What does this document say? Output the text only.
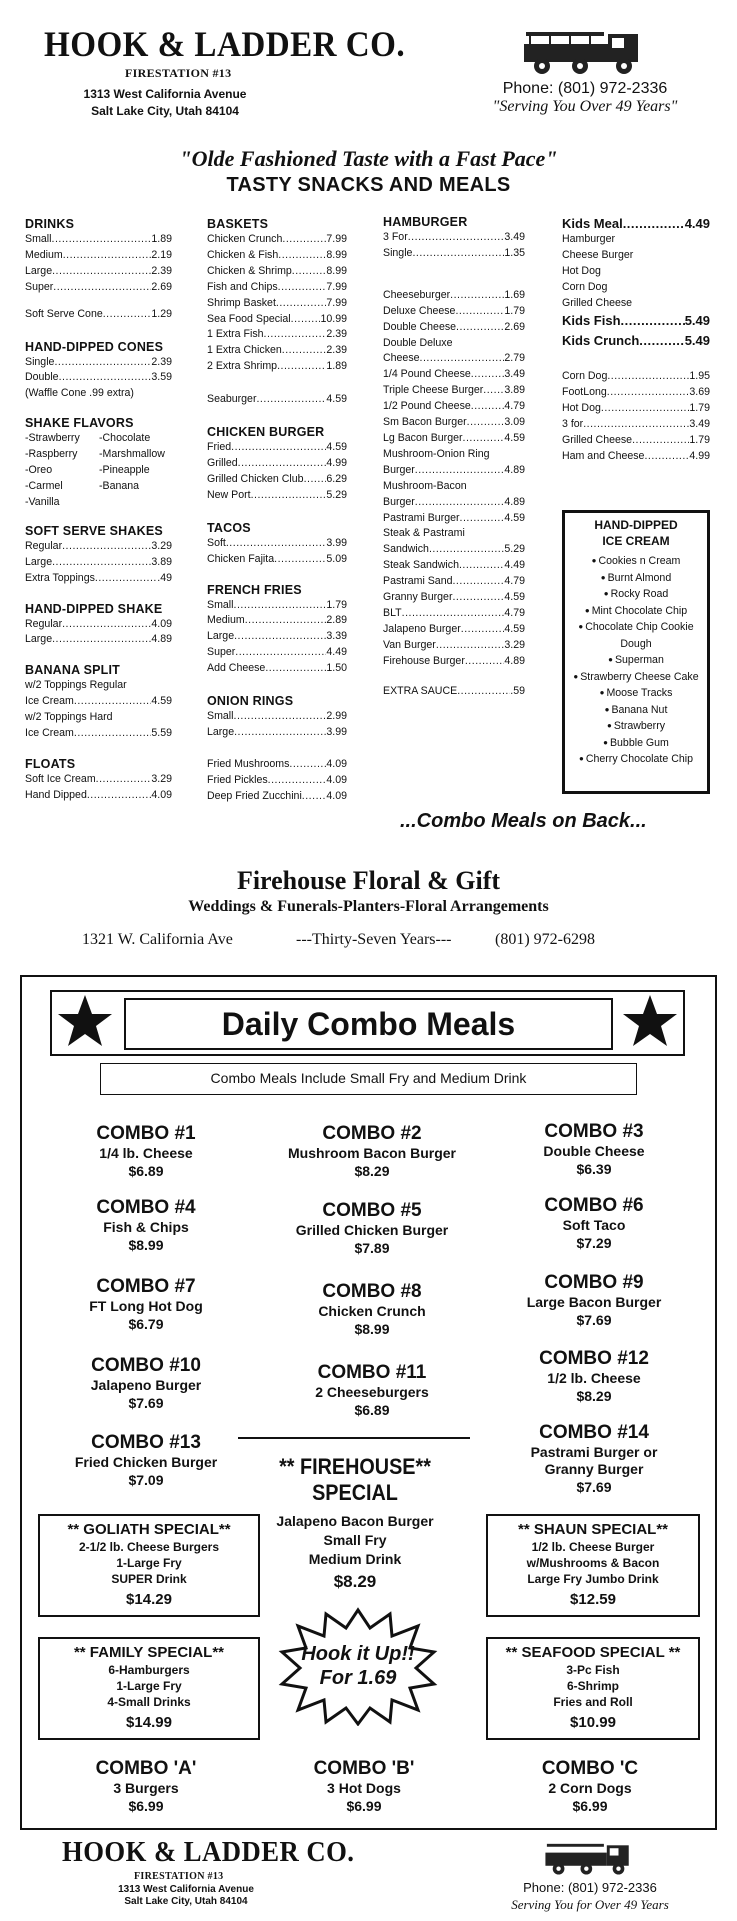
HOOK & LADDER CO.
FIRESTATION #13
1313 West California Avenue
Salt Lake City, Utah 84104
Phone: (801) 972-2336
"Serving You Over 49 Years"
"Olde Fashioned Taste with a Fast Pace"
TASTY SNACKS AND MEALS
DRINKS
Small .....	1.89
Medium .....	2.19
Large .....	2.39
Super .....	2.69
Soft Serve Cone .....	1.29
HAND-DIPPED CONES
Single .....	2.39
Double .....	3.59
(Waffle Cone .99 extra)
SHAKE FLAVORS
-Strawberry	-Chocolate
-Raspberry	-Marshmallow
-Oreo	-Pineapple
-Carmel	-Banana
-Vanilla
SOFT SERVE SHAKES
Regular .....	3.29
Large .....	3.89
Extra Toppings .....	.49
HAND-DIPPED SHAKE
Regular .....	4.09
Large .....	4.89
BANANA SPLIT
w/2 Toppings Regular
Ice Cream .....	4.59
w/2 Toppings Hard
Ice Cream .....	5.59
FLOATS
Soft Ice Cream .....	3.29
Hand Dipped .....	4.09
BASKETS
Chicken Crunch .....	7.99
Chicken & Fish .....	8.99
Chicken & Shrimp .....	8.99
Fish and Chips .....	7.99
Shrimp Basket .....	7.99
Sea Food Special .....	10.99
1 Extra Fish .....	2.39
1 Extra Chicken .....	2.39
2 Extra Shrimp .....	1.89
Seaburger .....	4.59
CHICKEN BURGER
Fried .....	4.59
Grilled .....	4.99
Grilled Chicken Club ..... 6.29
New Port .....	5.29
TACOS
Soft .....	3.99
Chicken Fajita .....	5.09
FRENCH FRIES
Small .....	1.79
Medium .....	2.89
Large .....	3.39
Super .....	4.49
Add Cheese .....	1.50
ONION RINGS
Small .....	2.99
Large .....	3.99
Fried Mushrooms .....	4.09
Fried Pickles .....	4.09
Deep Fried Zucchini ..... 4.09
HAMBURGER
3 For .....	3.49
Single .....	1.35
Cheeseburger .....	1.69
Deluxe Cheese .....	1.79
Double Cheese .....	2.69
Double Deluxe
Cheese .....	2.79
1/4 Pound Cheese .....	3.49
Triple Cheese Burger ..... 3.89
1/2 Pound Cheese .....	4.79
Sm Bacon Burger .....	3.09
Lg Bacon Burger .....	4.59
Mushroom-Onion Ring
Burger .....	4.89
Mushroom-Bacon
Burger .....	4.89
Pastrami Burger .....	4.59
Steak & Pastrami
Sandwich .....	5.29
Steak Sandwich .....	4.49
Pastrami Sand .....	4.79
Granny Burger .....	4.59
BLT .....	4.79
Jalapeno Burger .....	4.59
Van Burger .....	3.29
Firehouse Burger .....	4.89
EXTRA SAUCE .....	.59
Kids Meal .....	4.49
Hamburger
Cheese Burger
Hot Dog
Corn Dog
Grilled Cheese
Kids Fish .....	5.49
Kids Crunch .....	5.49
Corn Dog .....	1.95
FootLong .....	3.69
Hot Dog .....	1.79
3 for .....	3.49
Grilled Cheese .....	1.79
Ham and Cheese .....	4.99
HAND-DIPPED
ICE CREAM
● Cookies n Cream
● Burnt Almond
● Rocky Road
● Mint Chocolate Chip
● Chocolate Chip Cookie
Dough
● Superman
● Strawberry Cheese Cake
● Moose Tracks
● Banana Nut
● Strawberry
● Bubble Gum
● Cherry Chocolate Chip
...Combo Meals on Back...
Firehouse Floral & Gift
Weddings & Funerals-Planters-Floral Arrangements
1321 W. California Ave	---Thirty-Seven Years---	(801) 972-6298
Daily Combo Meals
Combo Meals Include Small Fry and Medium Drink
COMBO #1
1/4 lb. Cheese
$6.89
COMBO #2
Mushroom Bacon Burger
$8.29
COMBO #3
Double Cheese
$6.39
COMBO #4
Fish & Chips
$8.99
COMBO #5
Grilled Chicken Burger
$7.89
COMBO #6
Soft Taco
$7.29
COMBO #7
FT Long Hot Dog
$6.79
COMBO #8
Chicken Crunch
$8.99
COMBO #9
Large Bacon Burger
$7.69
COMBO #10
Jalapeno Burger
$7.69
COMBO #11
2 Cheeseburgers
$6.89
COMBO #12
1/2 lb. Cheese
$8.29
COMBO #13
Fried Chicken Burger
$7.09
COMBO #14
Pastrami Burger or
Granny Burger
$7.69
** FIREHOUSE**
SPECIAL
Jalapeno Bacon Burger
Small Fry
Medium Drink
$8.29
** GOLIATH SPECIAL**
2-1/2 lb. Cheese Burgers
1-Large Fry
SUPER Drink
$14.29
** SHAUN SPECIAL**
1/2 lb. Cheese Burger
w/Mushrooms & Bacon
Large Fry Jumbo Drink
$12.59
** FAMILY SPECIAL**
6-Hamburgers
1-Large Fry
4-Small Drinks
$14.99
** SEAFOOD SPECIAL **
3-Pc Fish
6-Shrimp
Fries and Roll
$10.99
Hook it Up!!
For 1.69
COMBO 'A'
3 Burgers
$6.99
COMBO 'B'
3 Hot Dogs
$6.99
COMBO 'C
2 Corn Dogs
$6.99
HOOK & LADDER CO.
FIRESTATION #13
1313 West California Avenue
Salt Lake City, Utah 84104
Phone: (801) 972-2336
Serving You for Over 49 Years
